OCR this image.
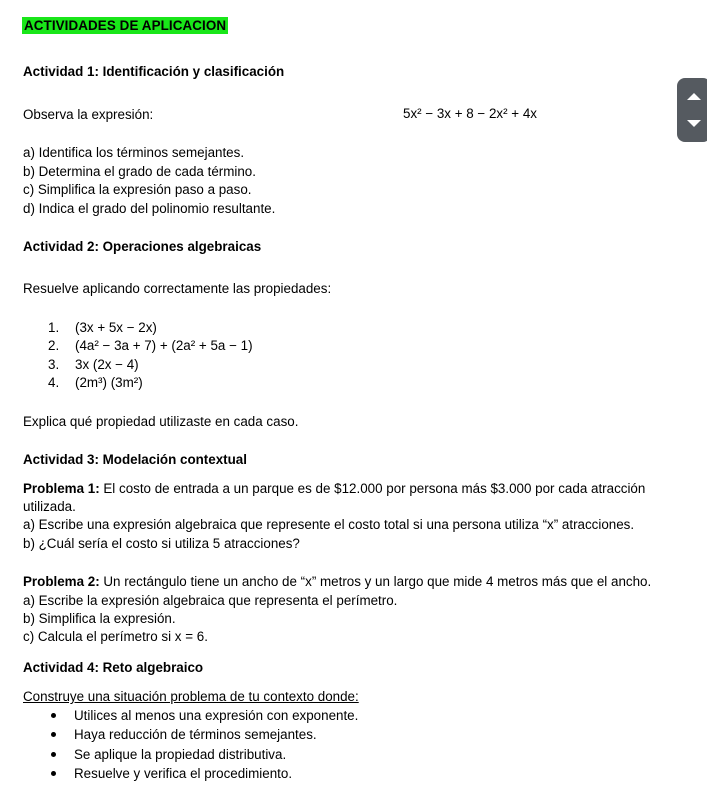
ACTIVIDADES DE APLICACION
Actividad 1: Identificación y clasificación
Observa la expresión:	5x² − 3x + 8 − 2x² + 4x
a) Identifica los términos semejantes.
b) Determina el grado de cada término.
c) Simplifica la expresión paso a paso.
d) Indica el grado del polinomio resultante.
Actividad 2: Operaciones algebraicas
Resuelve aplicando correctamente las propiedades:
1. (3x + 5x − 2x)
2. (4a² − 3a + 7) + (2a² + 5a − 1)
3. 3x (2x − 4)
4. (2m³) (3m²)
Explica qué propiedad utilizaste en cada caso.
Actividad 3: Modelación contextual
Problema 1: El costo de entrada a un parque es de $12.000 por persona más $3.000 por cada atracción
utilizada.
a) Escribe una expresión algebraica que represente el costo total si una persona utiliza “x” atracciones.
b) ¿Cuál sería el costo si utiliza 5 atracciones?
Problema 2: Un rectángulo tiene un ancho de “x” metros y un largo que mide 4 metros más que el ancho.
a) Escribe la expresión algebraica que representa el perímetro.
b) Simplifica la expresión.
c) Calcula el perímetro si x = 6.
Actividad 4: Reto algebraico
Construye una situación problema de tu contexto donde:
Utilices al menos una expresión con exponente.
Haya reducción de términos semejantes.
Se aplique la propiedad distributiva.
Resuelve y verifica el procedimiento.
